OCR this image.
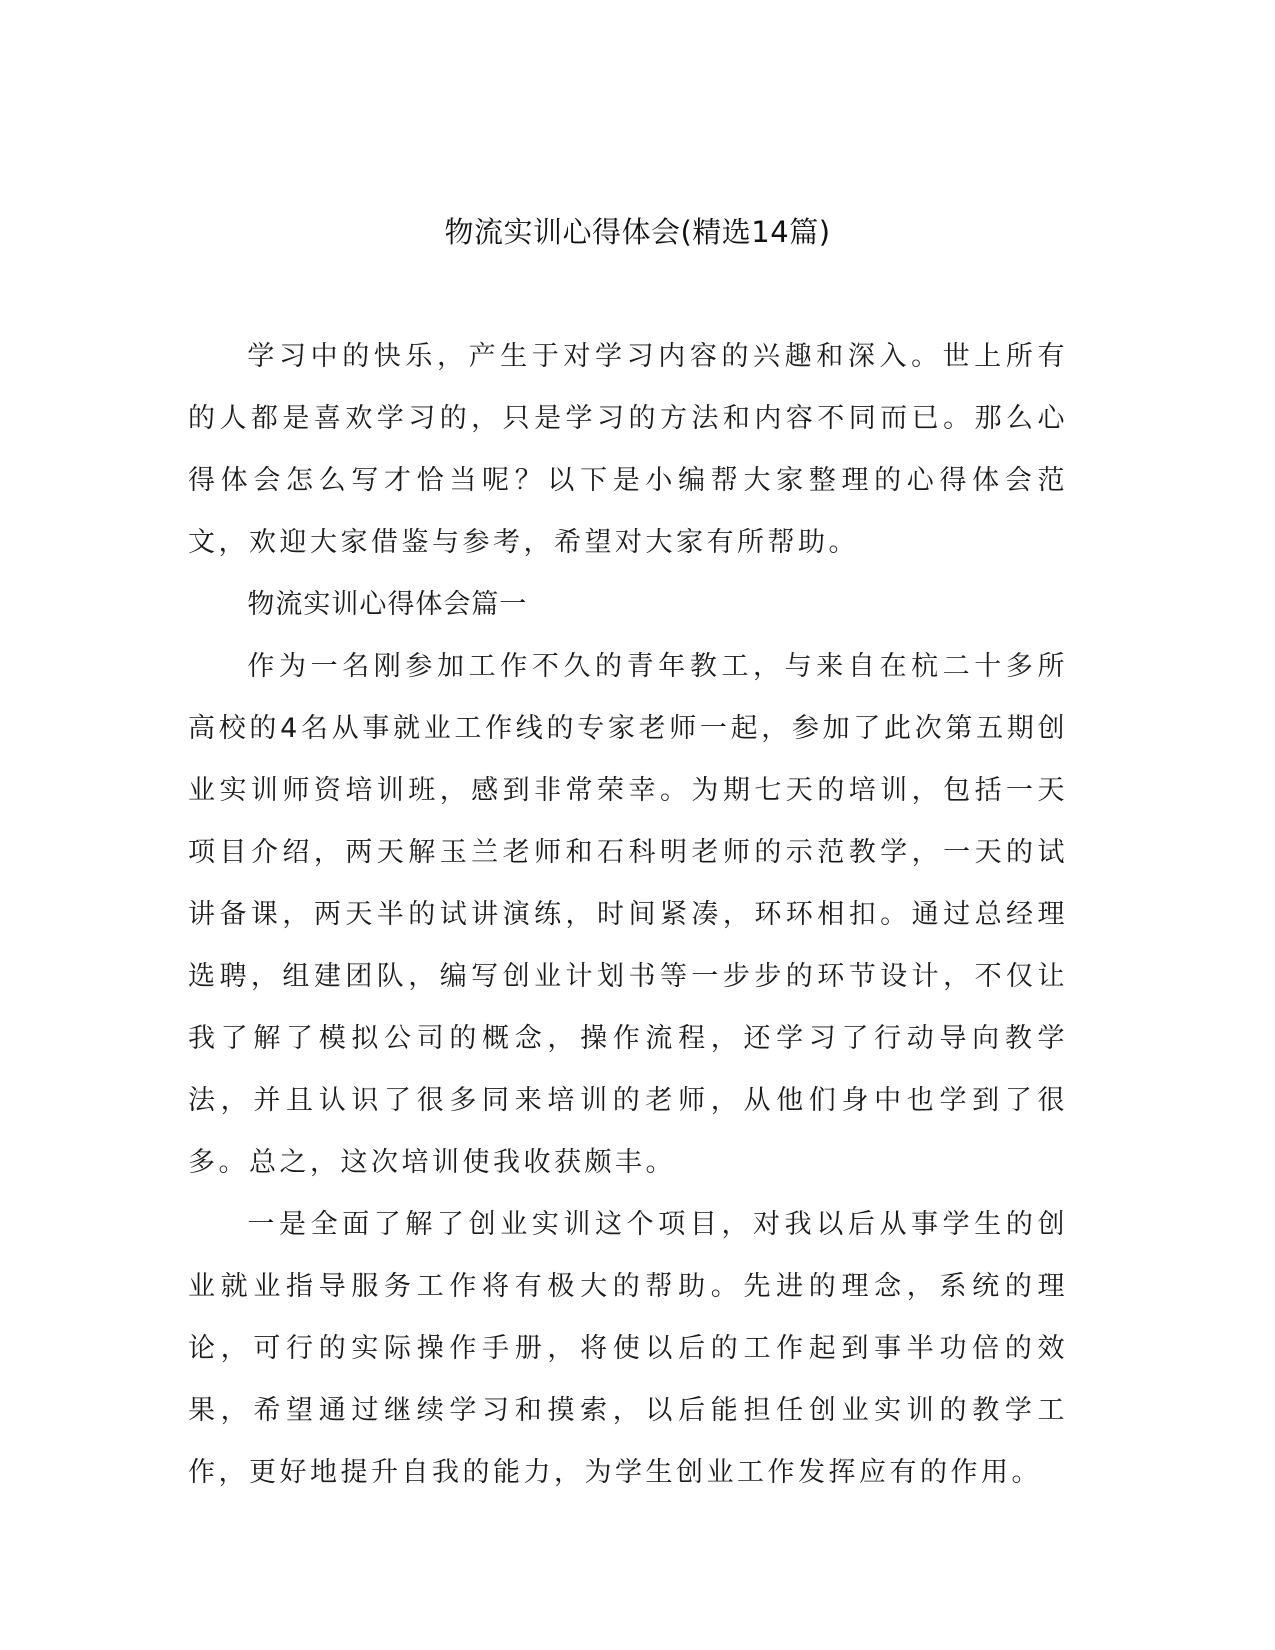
物流实训心得体会(精选14篇)

学习中的快乐，产生于对学习内容的兴趣和深入。世上所有的人都是喜欢学习的，只是学习的方法和内容不同而已。那么心得体会怎么写才恰当呢？以下是小编帮大家整理的心得体会范文，欢迎大家借鉴与参考，希望对大家有所帮助。

物流实训心得体会篇一

作为一名刚参加工作不久的青年教工，与来自在杭二十多所高校的4名从事就业工作线的专家老师一起，参加了此次第五期创业实训师资培训班，感到非常荣幸。为期七天的培训，包括一天项目介绍，两天解玉兰老师和石科明老师的示范教学，一天的试讲备课，两天半的试讲演练，时间紧凑，环环相扣。通过总经理选聘，组建团队，编写创业计划书等一步步的环节设计，不仅让我了解了模拟公司的概念，操作流程，还学习了行动导向教学法，并且认识了很多同来培训的老师，从他们身中也学到了很多。总之，这次培训使我收获颇丰。

一是全面了解了创业实训这个项目，对我以后从事学生的创业就业指导服务工作将有极大的帮助。先进的理念，系统的理论，可行的实际操作手册，将使以后的工作起到事半功倍的效果，希望通过继续学习和摸索，以后能担任创业实训的教学工作，更好地提升自我的能力，为学生创业工作发挥应有的作用。
